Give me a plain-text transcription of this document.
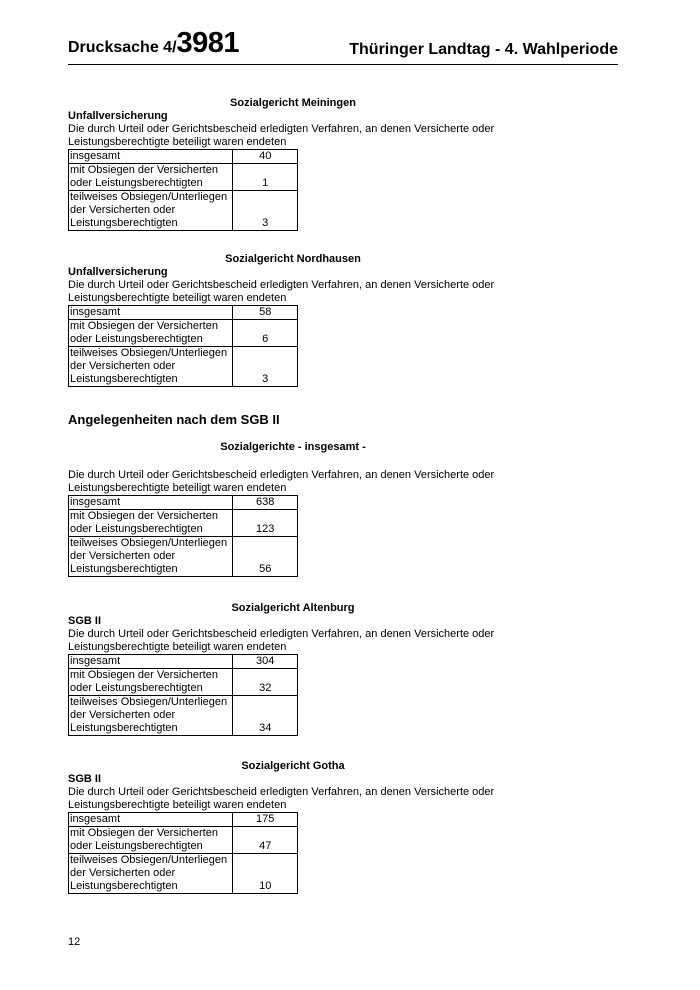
Drucksache 4/3981	Thüringer Landtag - 4. Wahlperiode
Sozialgericht Meiningen
Unfallversicherung
Die durch Urteil oder Gerichtsbescheid erledigten Verfahren, an denen Versicherte oder
Leistungsberechtigte beteiligt waren endeten
insgesamt	40

mit Obsiegen der Versicherten
oder Leistungsberechtigten	1

teilweises Obsiegen/Unterliegen
der Versicherten oder
Leistungsberechtigten	3
Sozialgericht Nordhausen
Unfallversicherung
Die durch Urteil oder Gerichtsbescheid erledigten Verfahren, an denen Versicherte oder
Leistungsberechtigte beteiligt waren endeten
insgesamt	58

mit Obsiegen der Versicherten
oder Leistungsberechtigten	6

teilweises Obsiegen/Unterliegen
der Versicherten oder
Leistungsberechtigten	3
Angelegenheiten nach dem SGB II
Sozialgerichte - insgesamt -
Die durch Urteil oder Gerichtsbescheid erledigten Verfahren, an denen Versicherte oder
Leistungsberechtigte beteiligt waren endeten
insgesamt	638

mit Obsiegen der Versicherten
oder Leistungsberechtigten	123

teilweises Obsiegen/Unterliegen
der Versicherten oder
Leistungsberechtigten	56
Sozialgericht Altenburg
SGB II
Die durch Urteil oder Gerichtsbescheid erledigten Verfahren, an denen Versicherte oder
Leistungsberechtigte beteiligt waren endeten
insgesamt	304

mit Obsiegen der Versicherten
oder Leistungsberechtigten	32

teilweises Obsiegen/Unterliegen
der Versicherten oder
Leistungsberechtigten	34
Sozialgericht Gotha
SGB II
Die durch Urteil oder Gerichtsbescheid erledigten Verfahren, an denen Versicherte oder
Leistungsberechtigte beteiligt waren endeten
insgesamt	175

mit Obsiegen der Versicherten
oder Leistungsberechtigten	47

teilweises Obsiegen/Unterliegen
der Versicherten oder
Leistungsberechtigten	10
12
